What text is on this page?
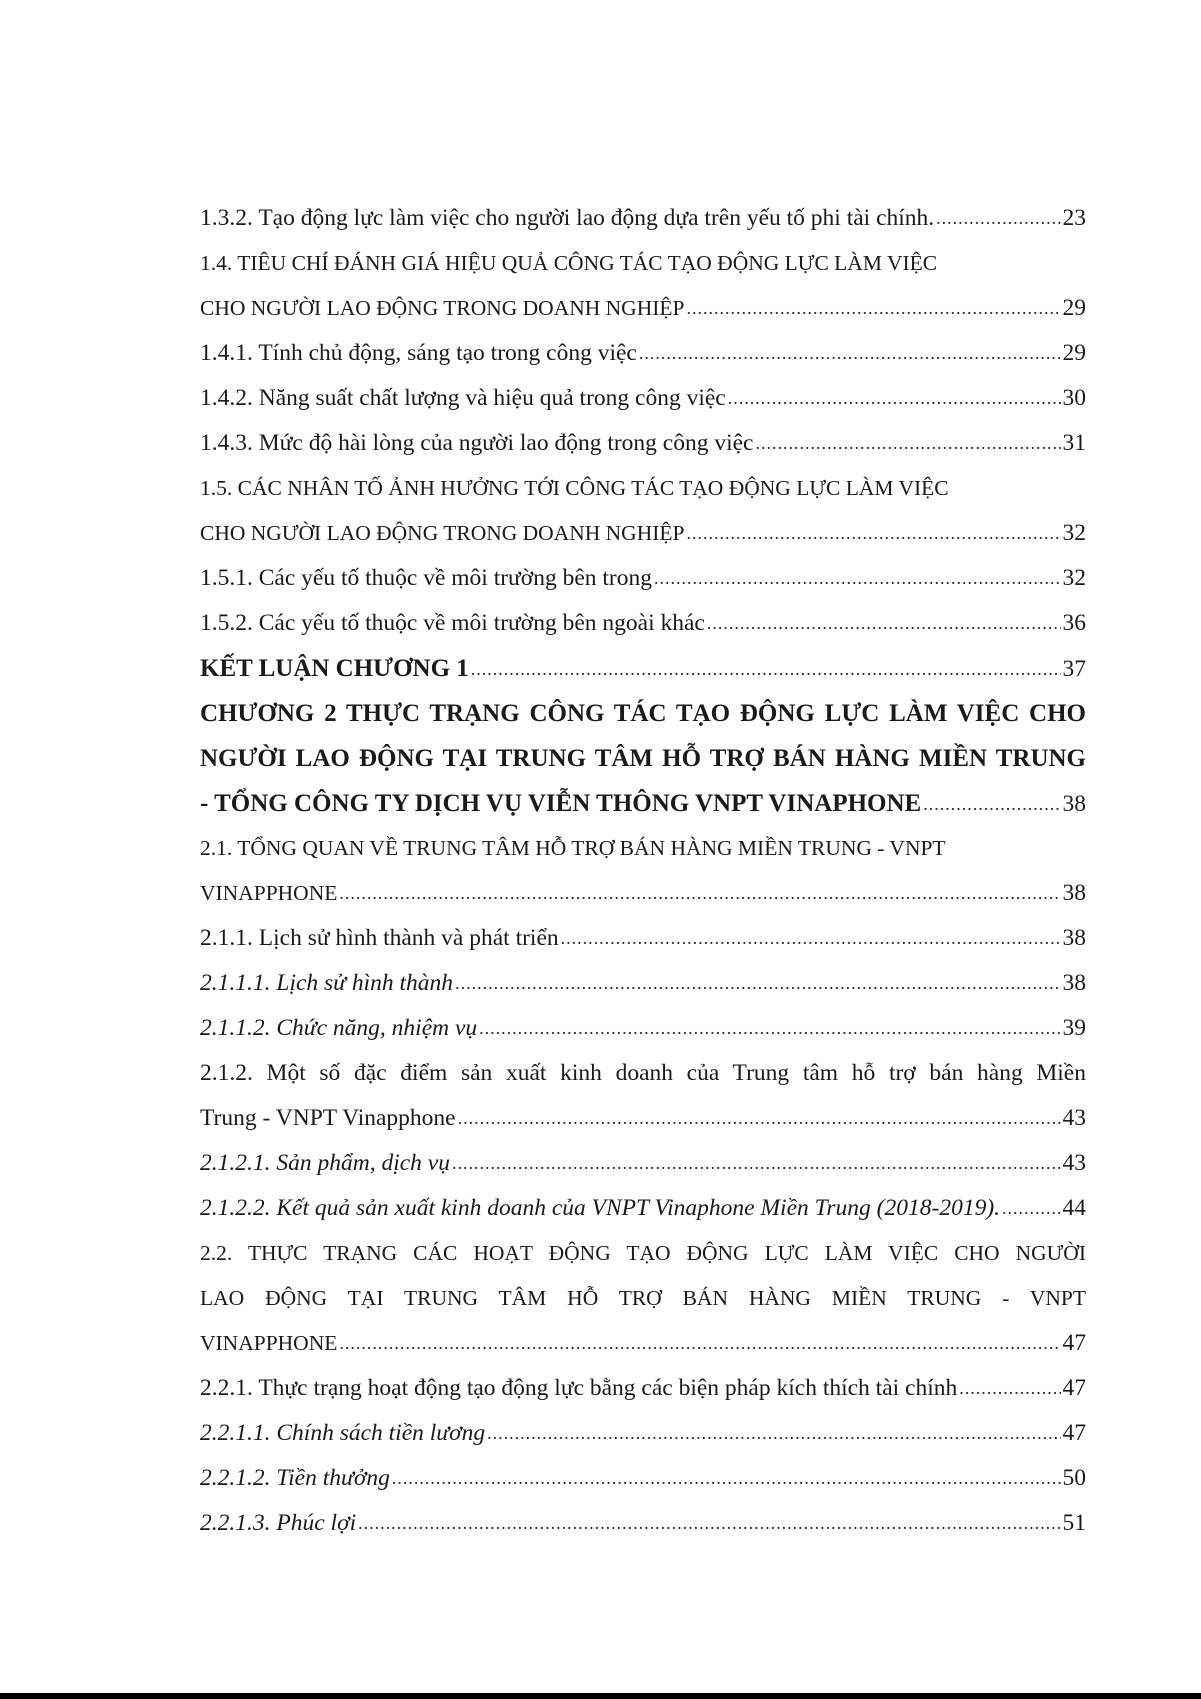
1.3.2. Tạo động lực làm việc cho người lao động dựa trên yếu tố phi tài chính. .....	23
1.4. TIÊU CHÍ ĐÁNH GIÁ HIỆU QUẢ CÔNG TÁC TẠO ĐỘNG LỰC LÀM VIỆC
CHO NGƯỜI LAO ĐỘNG TRONG DOANH NGHIỆP .....	29
1.4.1. Tính chủ động, sáng tạo trong công việc .....	29
1.4.2. Năng suất chất lượng và hiệu quả trong công việc .....	30
1.4.3. Mức độ hài lòng của người lao động trong công việc .....	31
1.5. CÁC NHÂN TỐ ẢNH HƯỞNG TỚI CÔNG TÁC TẠO ĐỘNG LỰC LÀM VIỆC
CHO NGƯỜI LAO ĐỘNG TRONG DOANH NGHIỆP .....	32
1.5.1. Các yếu tố thuộc về môi trường bên trong .....	32
1.5.2. Các yếu tố thuộc về môi trường bên ngoài khác .....	36
KẾT LUẬN CHƯƠNG 1 .....	37
CHƯƠNG 2 THỰC TRẠNG CÔNG TÁC TẠO ĐỘNG LỰC LÀM VIỆC CHO
NGƯỜI LAO ĐỘNG TẠI TRUNG TÂM HỖ TRỢ BÁN HÀNG MIỀN TRUNG
- TỔNG CÔNG TY DỊCH VỤ VIỄN THÔNG VNPT VINAPHONE .....	38
2.1. TỔNG QUAN VỀ TRUNG TÂM HỖ TRỢ BÁN HÀNG MIỀN TRUNG - VNPT
VINAPPHONE .....	38
2.1.1. Lịch sử hình thành và phát triển .....	38
2.1.1.1. Lịch sử hình thành .....	38
2.1.1.2. Chức năng, nhiệm vụ .....	39
2.1.2. Một số đặc điểm sản xuất kinh doanh của Trung tâm hỗ trợ bán hàng Miền
Trung - VNPT Vinapphone .....	43
2.1.2.1. Sản phẩm, dịch vụ .....	43
2.1.2.2. Kết quả sản xuất kinh doanh của VNPT Vinaphone Miền Trung (2018-2019). .....	44
2.2. THỰC TRẠNG CÁC HOẠT ĐỘNG TẠO ĐỘNG LỰC LÀM VIỆC CHO NGƯỜI
LAO ĐỘNG TẠI TRUNG TÂM HỖ TRỢ BÁN HÀNG MIỀN TRUNG - VNPT
VINAPPHONE .....	47
2.2.1. Thực trạng hoạt động tạo động lực bằng các biện pháp kích thích tài chính .....	47
2.2.1.1. Chính sách tiền lương .....	47
2.2.1.2. Tiền thưởng .....	50
2.2.1.3. Phúc lợi .....	51
